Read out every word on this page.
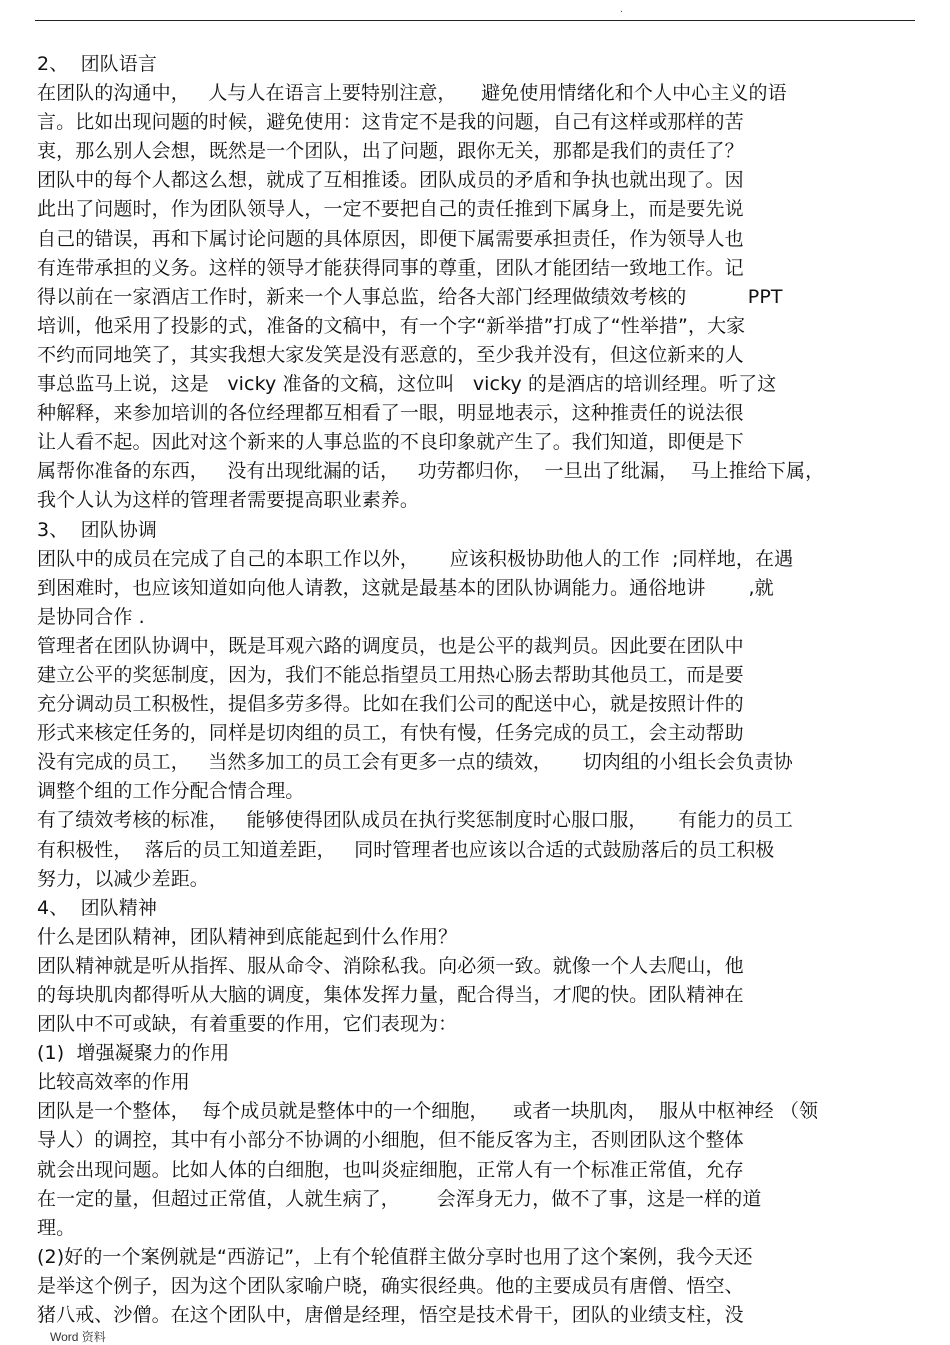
.
2、  团队语言
在团队的沟通中，   人与人在语言上要特别注意，    避免使用情绪化和个人中心主义的语
言。比如出现问题的时候，避免使用：这肯定不是我的问题，自己有这样或那样的苦
衷，那么别人会想，既然是一个团队，出了问题，跟你无关，那都是我们的责任了？
团队中的每个人都这么想，就成了互相推诿。团队成员的矛盾和争执也就出现了。因
此出了问题时，作为团队领导人，一定不要把自己的责任推到下属身上，而是要先说
自己的错误，再和下属讨论问题的具体原因，即便下属需要承担责任，作为领导人也
有连带承担的义务。这样的领导才能获得同事的尊重，团队才能团结一致地工作。记
得以前在一家酒店工作时，新来一个人事总监，给各大部门经理做绩效考核的          PPT
培训，他采用了投影的式，准备的文稿中，有一个字“新举措”打成了“性举措”，大家
不约而同地笑了，其实我想大家发笑是没有恶意的，至少我并没有，但这位新来的人
事总监马上说，这是   vicky 准备的文稿，这位叫   vicky 的是酒店的培训经理。听了这
种解释，来参加培训的各位经理都互相看了一眼，明显地表示，这种推责任的说法很
让人看不起。因此对这个新来的人事总监的不良印象就产生了。我们知道，即便是下
属帮你准备的东西，   没有出现纰漏的话，   功劳都归你，  一旦出了纰漏，  马上推给下属，
我个人认为这样的管理者需要提高职业素养。
3、  团队协调
团队中的成员在完成了自己的本职工作以外，     应该积极协助他人的工作  ;同样地，在遇
到困难时，也应该知道如向他人请教，这就是最基本的团队协调能力。通俗地讲       ,就
是协同合作 .
管理者在团队协调中，既是耳观六路的调度员，也是公平的裁判员。因此要在团队中
建立公平的奖惩制度，因为，我们不能总指望员工用热心肠去帮助其他员工，而是要
充分调动员工积极性，提倡多劳多得。比如在我们公司的配送中心，就是按照计件的
形式来核定任务的，同样是切肉组的员工，有快有慢，任务完成的员工，会主动帮助
没有完成的员工，   当然多加工的员工会有更多一点的绩效，     切肉组的小组长会负责协
调整个组的工作分配合情合理。
有了绩效考核的标准，   能够使得团队成员在执行奖惩制度时心服口服，     有能力的员工
有积极性，  落后的员工知道差距，   同时管理者也应该以合适的式鼓励落后的员工积极
努力，以减少差距。
4、  团队精神
什么是团队精神，团队精神到底能起到什么作用？
团队精神就是听从指挥、服从命令、消除私我。向必须一致。就像一个人去爬山，他
的每块肌肉都得听从大脑的调度，集体发挥力量，配合得当，才爬的快。团队精神在
团队中不可或缺，有着重要的作用，它们表现为：
(1)  增强凝聚力的作用
比较高效率的作用
团队是一个整体，  每个成员就是整体中的一个细胞，    或者一块肌肉，  服从中枢神经 （领
导人）的调控，其中有小部分不协调的小细胞，但不能反客为主，否则团队这个整体
就会出现问题。比如人体的白细胞，也叫炎症细胞，正常人有一个标准正常值，允存
在一定的量，但超过正常值，人就生病了，      会浑身无力，做不了事，这是一样的道
理。
(2)好的一个案例就是“西游记”，上有个轮值群主做分享时也用了这个案例，我今天还
是举这个例子，因为这个团队家喻户晓，确实很经典。他的主要成员有唐僧、悟空、
猪八戒、沙僧。在这个团队中，唐僧是经理，悟空是技术骨干，团队的业绩支柱，没
Word 资料
